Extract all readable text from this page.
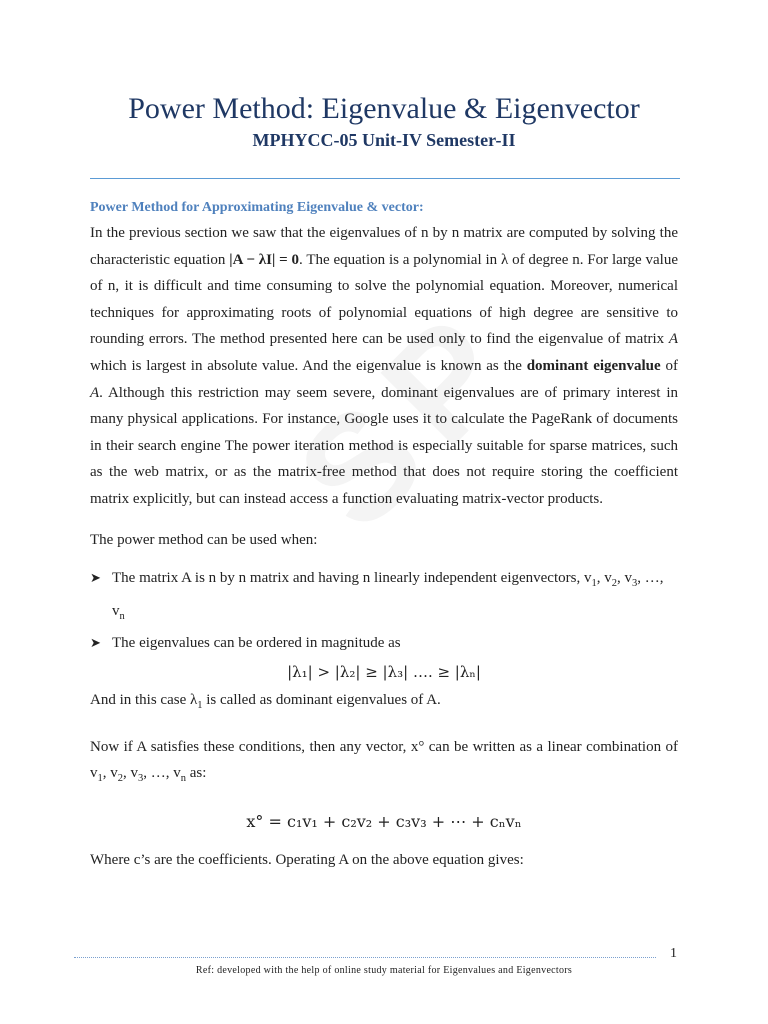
Power Method: Eigenvalue & Eigenvector
MPHYCC-05 Unit-IV Semester-II
Power Method for Approximating Eigenvalue & vector:

In the previous section we saw that the eigenvalues of n by n matrix are computed by solving the characteristic equation |A − λI| = 0. The equation is a polynomial in λ of degree n. For large value of n, it is difficult and time consuming to solve the polynomial equation. Moreover, numerical techniques for approximating roots of polynomial equations of high degree are sensitive to rounding errors. The method presented here can be used only to find the eigenvalue of matrix A which is largest in absolute value. And the eigenvalue is known as the dominant eigenvalue of A. Although this restriction may seem severe, dominant eigenvalues are of primary interest in many physical applications. For instance, Google uses it to calculate the PageRank of documents in their search engine The power iteration method is especially suitable for sparse matrices, such as the web matrix, or as the matrix-free method that does not require storing the coefficient matrix explicitly, but can instead access a function evaluating matrix-vector products.

The power method can be used when:

➤ The matrix A is n by n matrix and having n linearly independent eigenvectors, $v_1$, $v_2$, $v_3$, …, $v_n$
➤ The eigenvalues can be ordered in magnitude as

|λ₁| > |λ₂| ≥ |λ₃| …. ≥ |λₙ|

And in this case $\lambda_1$ is called as dominant eigenvalues of A.

Now if A satisfies these conditions, then any vector, x° can be written as a linear combination of $v_1$, $v_2$, $v_3$, …, $v_n$ as:

x° = c₁v₁ + c₂v₂ + c₃v₃ + ⋯ + cₙvₙ

Where c’s are the coefficients. Operating A on the above equation gives:

1
Ref: developed with the help of online study material for Eigenvalues and Eigenvectors
